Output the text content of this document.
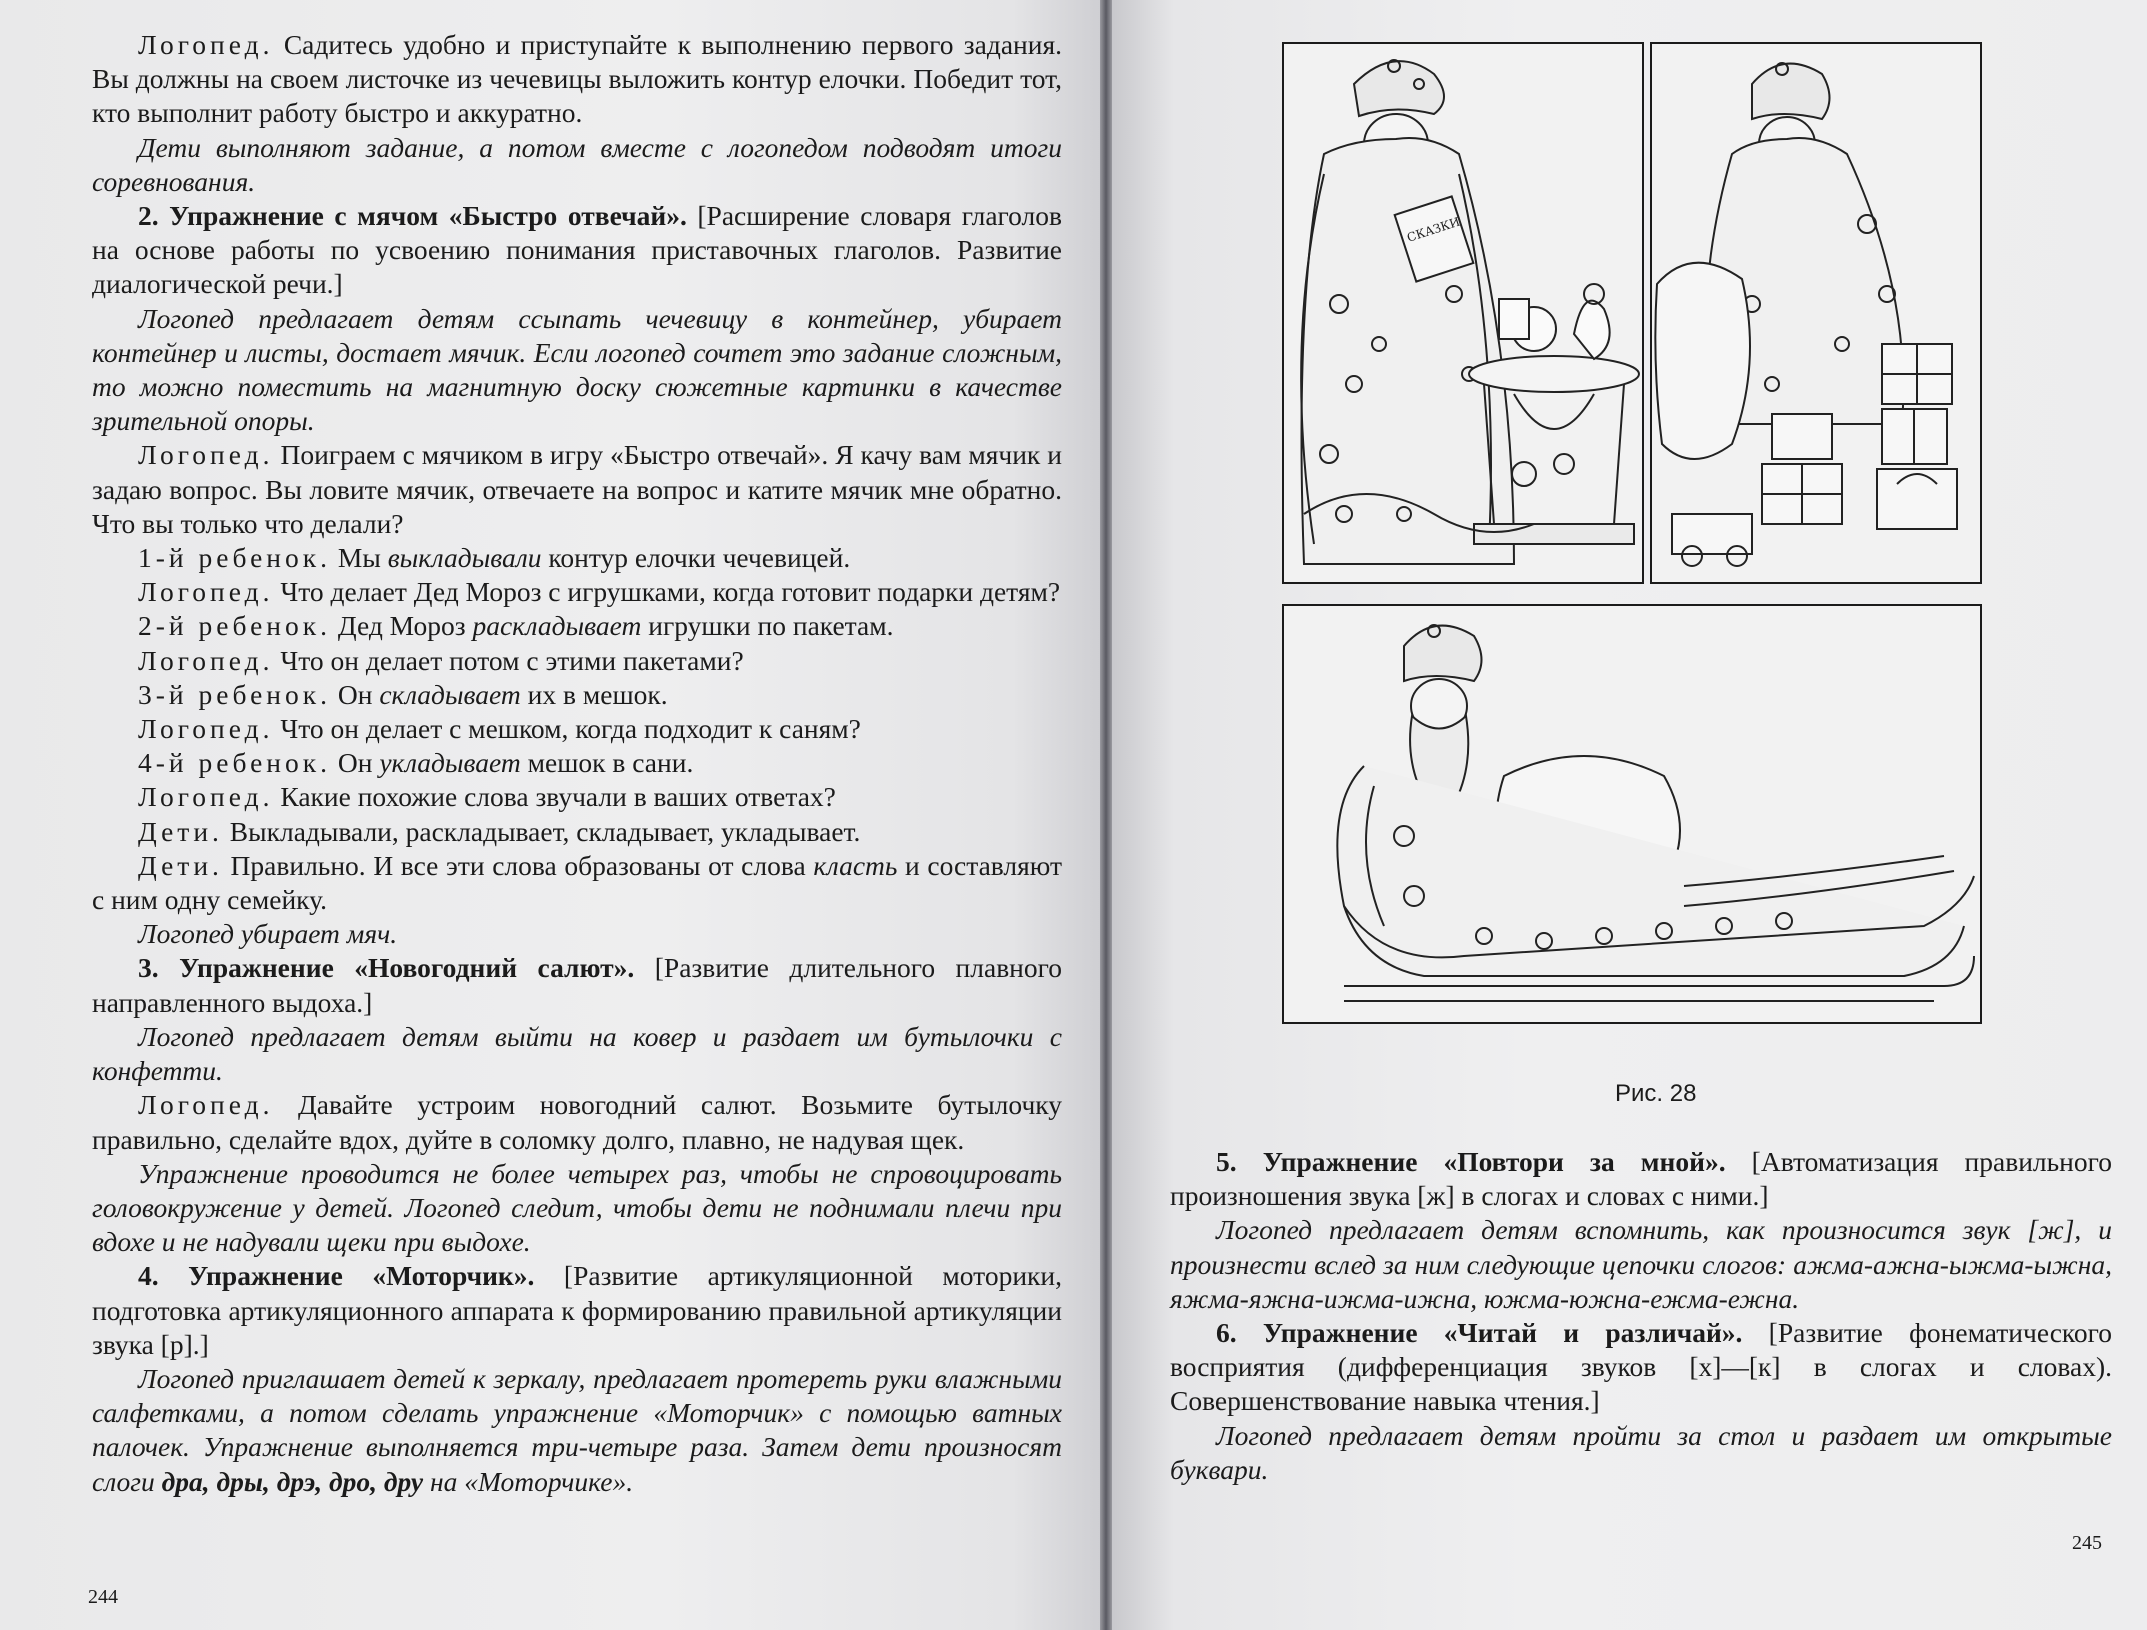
Логопед. Садитесь удобно и приступайте к выполнению первого задания. Вы должны на своем листочке из чечевицы выложить контур елочки. Победит тот, кто выполнит работу быстро и аккуратно.

Дети выполняют задание, а потом вместе с логопедом подводят итоги соревнования.

2. Упражнение с мячом «Быстро отвечай». [Расширение словаря глаголов на основе работы по усвоению понимания приставочных глаголов. Развитие диалогической речи.]

Логопед предлагает детям ссыпать чечевицу в контейнер, убирает контейнер и листы, достает мячик. Если логопед сочтет это задание сложным, то можно поместить на магнитную доску сюжетные картинки в качестве зрительной опоры.

Логопед. Поиграем с мячиком в игру «Быстро отвечай». Я качу вам мячик и задаю вопрос. Вы ловите мячик, отвечаете на вопрос и катите мячик мне обратно. Что вы только что делали?

1-й ребенок. Мы выкладывали контур елочки чечевицей.

Логопед. Что делает Дед Мороз с игрушками, когда готовит подарки детям?

2-й ребенок. Дед Мороз раскладывает игрушки по пакетам.

Логопед. Что он делает потом с этими пакетами?

3-й ребенок. Он складывает их в мешок.

Логопед. Что он делает с мешком, когда подходит к саням?

4-й ребенок. Он укладывает мешок в сани.

Логопед. Какие похожие слова звучали в ваших ответах?

Дети. Выкладывали, раскладывает, складывает, укладывает.

Дети. Правильно. И все эти слова образованы от слова класть и составляют с ним одну семейку.

Логопед убирает мяч.

3. Упражнение «Новогодний салют». [Развитие длительного плавного направленного выдоха.]

Логопед предлагает детям выйти на ковер и раздает им бутылочки с конфетти.

Логопед. Давайте устроим новогодний салют. Возьмите бутылочку правильно, сделайте вдох, дуйте в соломку долго, плавно, не надувая щек.

Упражнение проводится не более четырех раз, чтобы не спровоцировать головокружение у детей. Логопед следит, чтобы дети не поднимали плечи при вдохе и не надували щеки при выдохе.

4. Упражнение «Моторчик». [Развитие артикуляционной моторики, подготовка артикуляционного аппарата к формированию правильной артикуляции звука [р].]

Логопед приглашает детей к зеркалу, предлагает протереть руки влажными салфетками, а потом сделать упражнение «Моторчик» с помощью ватных палочек. Упражнение выполняется три-четыре раза. Затем дети произносят слоги дра, дры, дрэ, дро, дру на «Моторчике».

244
245
СКАЗКИ
Рис. 28

5. Упражнение «Повтори за мной». [Автоматизация правильного произношения звука [ж] в слогах и словах с ними.]

Логопед предлагает детям вспомнить, как произносится звук [ж], и произнести вслед за ним следующие цепочки слогов: ажма-ажна-ыжма-ыжна, яжма-яжна-ижма-ижна, южма-южна-ежма-ежна.

6. Упражнение «Читай и различай». [Развитие фонематического восприятия (дифференциация звуков [х]—[к] в слогах и словах). Совершенствование навыка чтения.]

Логопед предлагает детям пройти за стол и раздает им открытые буквари.
